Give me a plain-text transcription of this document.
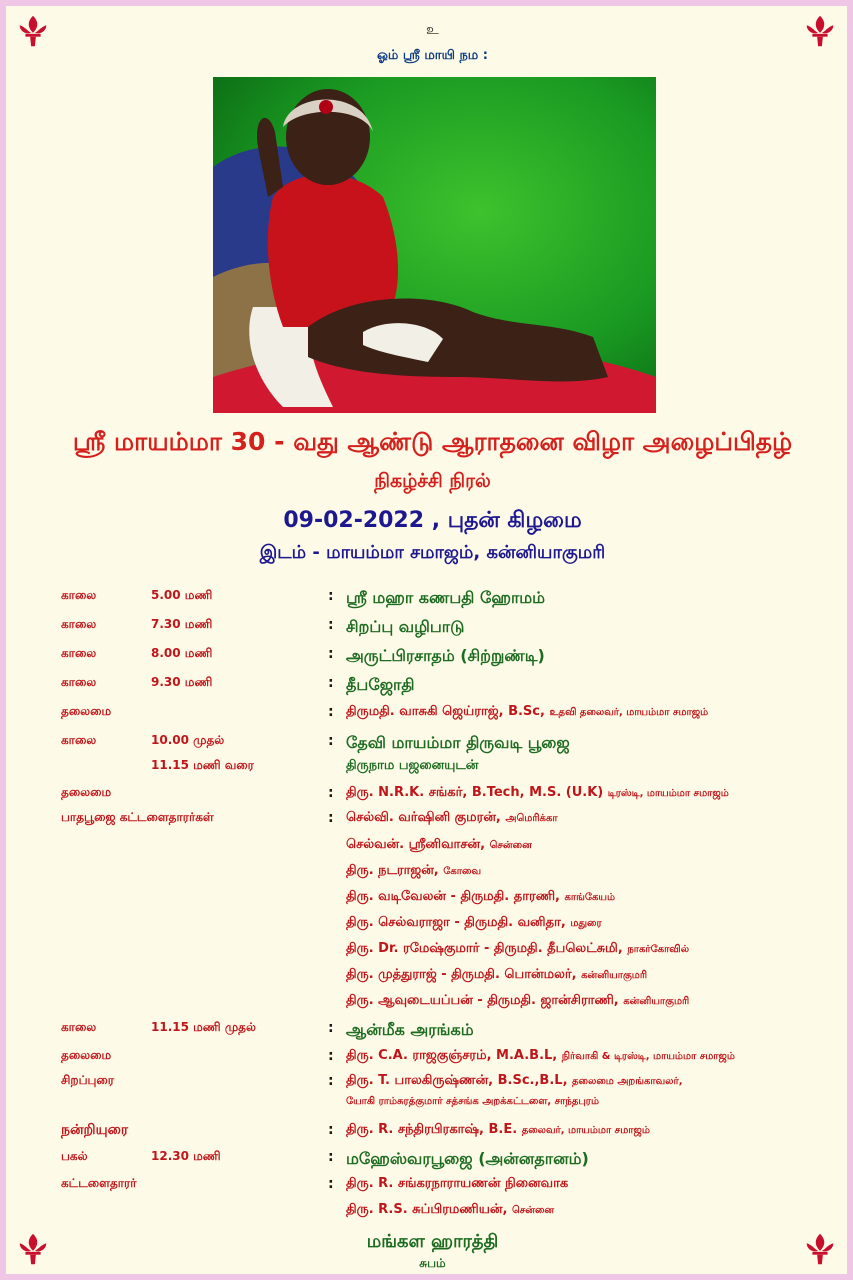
உ
ஓம் ஸ்ரீ மாயி நம :
ஸ்ரீ மாயம்மா 30 - வது ஆண்டு ஆராதனை விழா அழைப்பிதழ்
நிகழ்ச்சி நிரல்
09-02-2022 , புதன் கிழமை
இடம் - மாயம்மா சமாஜம், கன்னியாகுமரி
காலை	5.00 மணி	: ஸ்ரீ மஹா கணபதி ஹோமம்
காலை	7.30 மணி	: சிறப்பு வழிபாடு
காலை	8.00 மணி	: அருட்பிரசாதம் (சிற்றுண்டி)
காலை	9.30 மணி	: தீபஜோதி
தலைமை	: திருமதி. வாசுகி ஜெய்ராஜ், B.Sc, உதவி தலைவர், மாயம்மா சமாஜம்
காலை	10.00 முதல்	: தேவி மாயம்மா திருவடி பூஜை
11.15 மணி வரை	திருநாம பஜனையுடன்
தலைமை	: திரு. N.R.K. சங்கர், B.Tech, M.S. (U.K) டிரஸ்டி, மாயம்மா சமாஜம்
பாதபூஜை கட்டளைதாரர்கள்	: செல்வி. வர்ஷினி குமரன், அமெரிக்கா
செல்வன். ஸ்ரீனிவாசன், சென்னை
திரு. நடராஜன், கோவை
திரு. வடிவேலன் - திருமதி. தாரணி, காங்கேயம்
திரு. செல்வராஜா - திருமதி. வனிதா, மதுரை
திரு. Dr. ரமேஷ்குமார் - திருமதி. தீபலெட்சுமி, நாகர்கோவில்
திரு. முத்துராஜ் - திருமதி. பொன்மலர், கன்னியாகுமரி
திரு. ஆவுடையப்பன் - திருமதி. ஜான்சிராணி, கன்னியாகுமரி
காலை	11.15 மணி முதல்	: ஆன்மீக அரங்கம்
தலைமை	: திரு. C.A. ராஜகுஞ்சரம், M.A.B.L, நிர்வாகி & டிரஸ்டி, மாயம்மா சமாஜம்
சிறப்புரை	: திரு. T. பாலகிருஷ்ணன், B.Sc.,B.L, தலைமை அறங்காவலர்,
யோகி ராம்சுரத்குமார் சத்சங்க அறக்கட்டளை, சாந்தபுரம்
நன்றியுரை	: திரு. R. சந்திரபிரகாஷ், B.E. தலைவர், மாயம்மா சமாஜம்
பகல்	12.30 மணி	: மஹேஸ்வரபூஜை (அன்னதானம்)
கட்டளைதாரர்	: திரு. R. சங்கரநாராயணன் நினைவாக
திரு. R.S. சுப்பிரமணியன், சென்னை
மங்கள ஹாரத்தி
சுபம்
